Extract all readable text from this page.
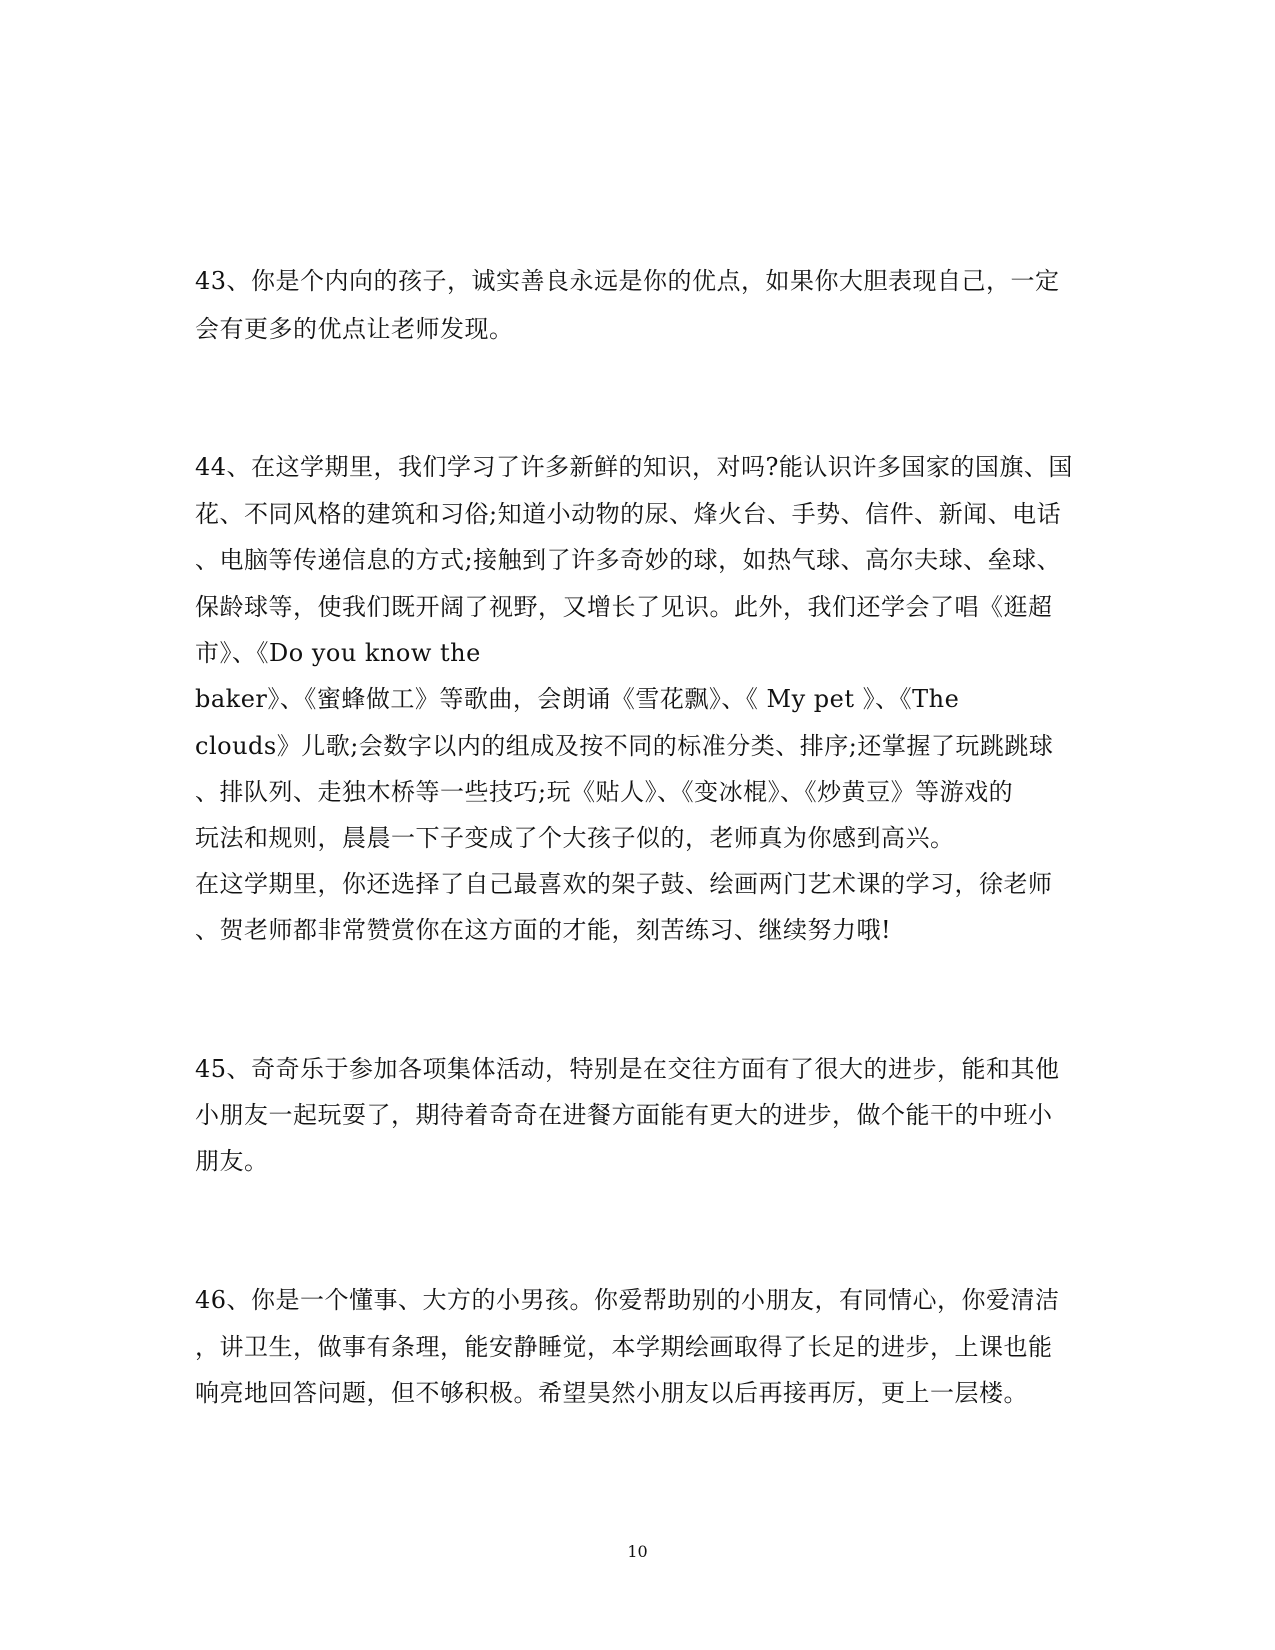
43、你是个内向的孩子，诚实善良永远是你的优点，如果你大胆表现自己，一定
会有更多的优点让老师发现。
44、在这学期里，我们学习了许多新鲜的知识，对吗?能认识许多国家的国旗、国
花、不同风格的建筑和习俗;知道小动物的尿、烽火台、手势、信件、新闻、电话
、电脑等传递信息的方式;接触到了许多奇妙的球，如热气球、高尔夫球、垒球、
保龄球等，使我们既开阔了视野，又增长了见识。此外，我们还学会了唱《逛超
市》、《Do you know the
baker》、《蜜蜂做工》等歌曲，会朗诵《雪花飘》、《 My pet 》、《The
clouds》儿歌;会数字以内的组成及按不同的标准分类、排序;还掌握了玩跳跳球
、排队列、走独木桥等一些技巧;玩《贴人》、《变冰棍》、《炒黄豆》等游戏的
玩法和规则，晨晨一下子变成了个大孩子似的，老师真为你感到高兴。
在这学期里，你还选择了自己最喜欢的架子鼓、绘画两门艺术课的学习，徐老师
、贺老师都非常赞赏你在这方面的才能，刻苦练习、继续努力哦!
45、奇奇乐于参加各项集体活动，特别是在交往方面有了很大的进步，能和其他
小朋友一起玩耍了，期待着奇奇在进餐方面能有更大的进步，做个能干的中班小
朋友。
46、你是一个懂事、大方的小男孩。你爱帮助别的小朋友，有同情心，你爱清洁
，讲卫生，做事有条理，能安静睡觉，本学期绘画取得了长足的进步，上课也能
响亮地回答问题，但不够积极。希望昊然小朋友以后再接再厉，更上一层楼。
10
